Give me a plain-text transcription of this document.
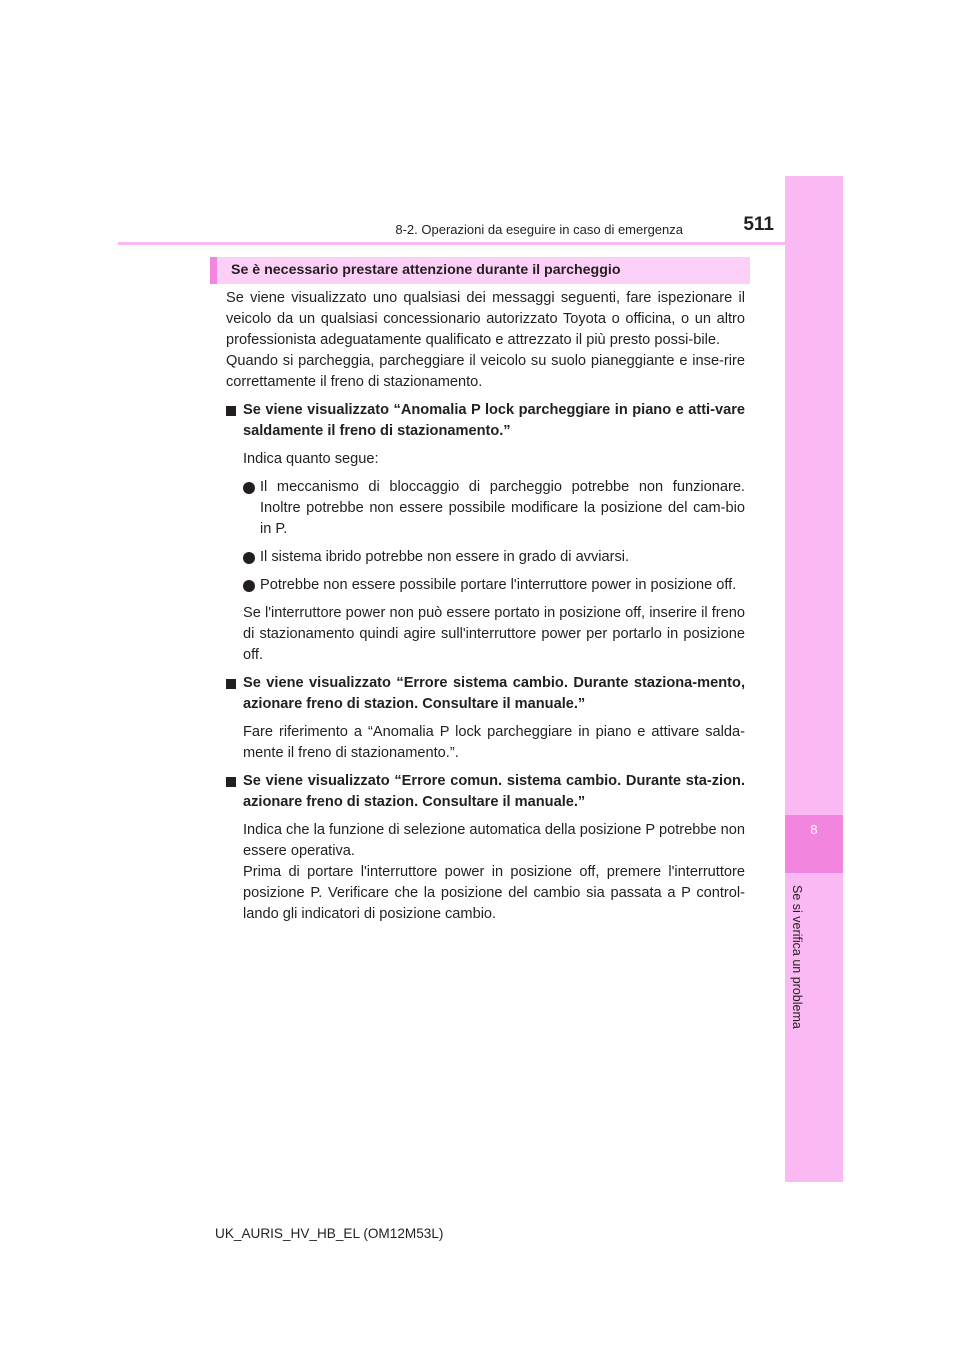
8
Se si verifica un problema
8-2. Operazioni da eseguire in caso di emergenza	511
Se è necessario prestare attenzione durante il parcheggio

Se viene visualizzato uno qualsiasi dei messaggi seguenti, fare ispezionare il veicolo da un qualsiasi concessionario autorizzato Toyota o officina, o un altro professionista adeguatamente qualificato e attrezzato il più presto possi-bile.

Quando si parcheggia, parcheggiare il veicolo su suolo pianeggiante e inse-rire correttamente il freno di stazionamento.

Se viene visualizzato “Anomalia P lock parcheggiare in piano e atti-vare saldamente il freno di stazionamento.”

Indica quanto segue:

Il meccanismo di bloccaggio di parcheggio potrebbe non funzionare. Inoltre potrebbe non essere possibile modificare la posizione del cam-bio in P.

Il sistema ibrido potrebbe non essere in grado di avviarsi.

Potrebbe non essere possibile portare l'interruttore power in posizione off.

Se l'interruttore power non può essere portato in posizione off, inserire il freno di stazionamento quindi agire sull'interruttore power per portarlo in posizione off.

Se viene visualizzato “Errore sistema cambio. Durante staziona-mento, azionare freno di stazion. Consultare il manuale.”

Fare riferimento a “Anomalia P lock parcheggiare in piano e attivare salda-mente il freno di stazionamento.”.

Se viene visualizzato “Errore comun. sistema cambio. Durante sta-zion. azionare freno di stazion. Consultare il manuale.”

Indica che la funzione di selezione automatica della posizione P potrebbe non essere operativa.

Prima di portare l'interruttore power in posizione off, premere l'interruttore posizione P. Verificare che la posizione del cambio sia passata a P control-lando gli indicatori di posizione cambio.

UK_AURIS_HV_HB_EL (OM12M53L)
